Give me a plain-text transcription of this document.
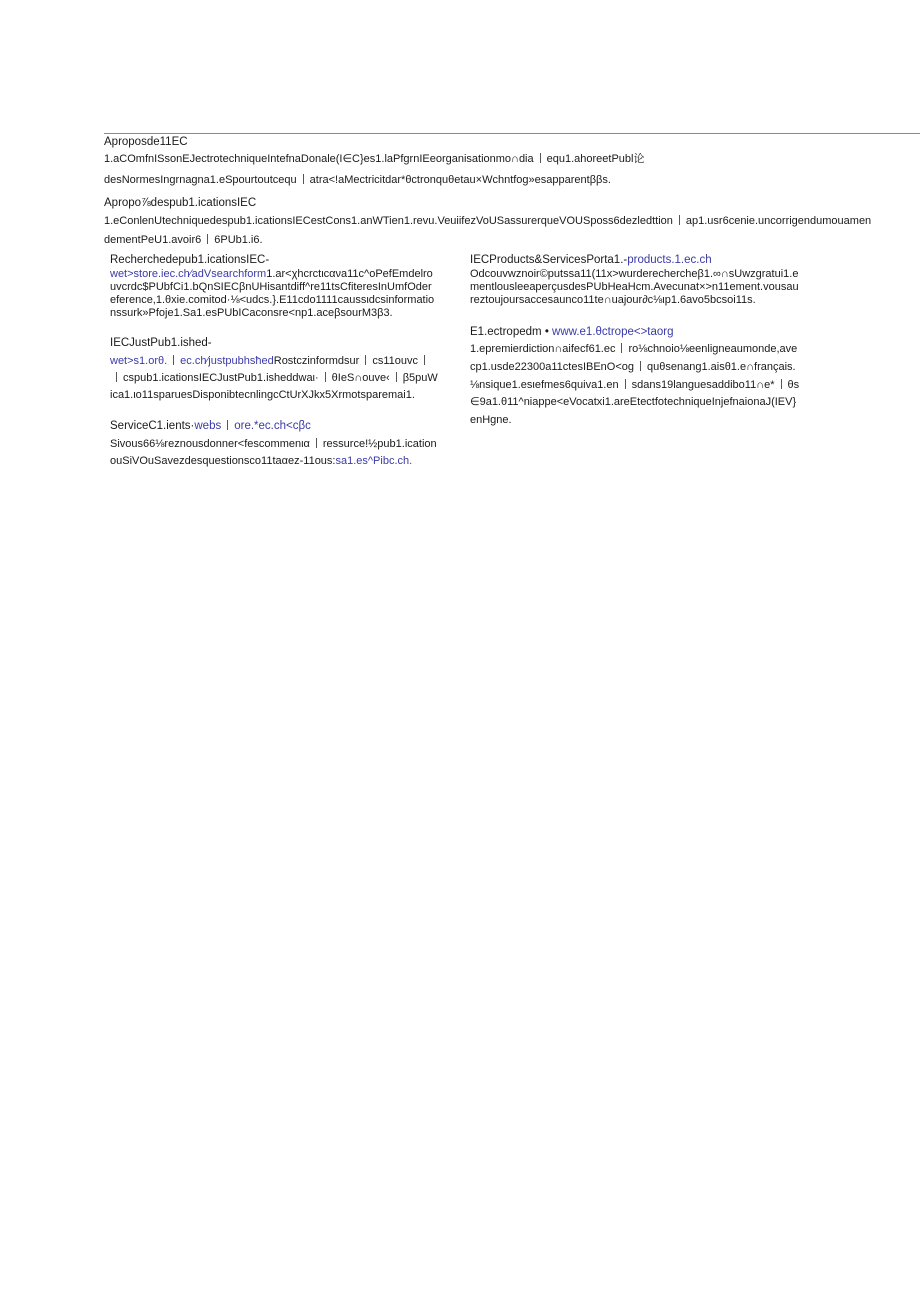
Aproposde11EC
1.aCOmfnISsonEJectrotechniqueIntefnaDonale(I∈C}es1.laPfgrnIEeorganisationmo∩dia equ1.ahoreetPubl论
desNormesIngrnagna1.eSpourtoutcequ atra<!aMectricitdar*θctronquθetau×Wchntfog»esapparentββs.
Apropo⅞despub1.icationsIEC
1.eConlenUtechniquedespub1.icationsIECestCons1.anWTien1.revu.VeuiifezVoUSassurerqueVOUSposs6dezledttion ap1.usr6cenie.uncorrigendumouamen
dementPeU1.avoir6 6PUb1.i6.
Recherchedepub1.icationsIEC-
wet>store.iec.ch⁄adVsearchform1.ar<χhcrctιcανa11c^oPefEmdelro
uvcrdc$PUbfCi1.bQnSIECβnUHisantdiff^re11tsCfiteresInUmfOder
eference,1.θxie.comitod·⅛<udcs.}.E11cdo1111caussιdcsinformatio
nssurk»Pfoje1.Sa1.esPUbICaconsre<np1.aceβsourM3β3.
IECJustPub1.ished-
wet>s1.orθ. ec.ch⁄justpubhsħedRostczinformdsur cs11ouvc
cspub1.icationsIECJustPub1.isheddwaι· θIeS∩ouve‹ β5puW
ica1.ιo11sparuesDisponibtecnlingcCtUrXJkx5Xrmotsparemai1.
ServiceC1.ients·webs ore.*ec.ch<cβc
Sivous66⅛reznousdonner<fescommenια ressurce!½pub1.ication
ouSiVOuSavezdesquestionsco11taαez-11ous:sa1.es^Pibc.ch.
IECProducts&ServicesPorta1.-products.1.ec.ch
Odcouvwznoir©putssa11(11x>wurderechercheβ1.∞∩sUwzgratui1.e
mentlousleeaperçusdesPUbHeaHcm.Avecunat×>n11ement.vousau
reztoujoursaccesaunco11te∩uajour∂c⅛ιp1.6avo5bcsoi11s.
E1.ectropedm • www.e1.θctrope<>taorg
1.epremierdiction∩aifecf61.ec ro⅛chnoio⅛eenligneaumonde,ave
cp1.usde22300a11ctesIBEnO<og quθsenang1.aisθ1.e∩français.
⅛nsique1.esιefmes6quiva1.en sdans19languesaddibo11∩e* θs
∈9a1.θ11^niappe<eVocatxi1.areEtectfotechniqueInjefnaionaJ(IEV}
enHgne.
